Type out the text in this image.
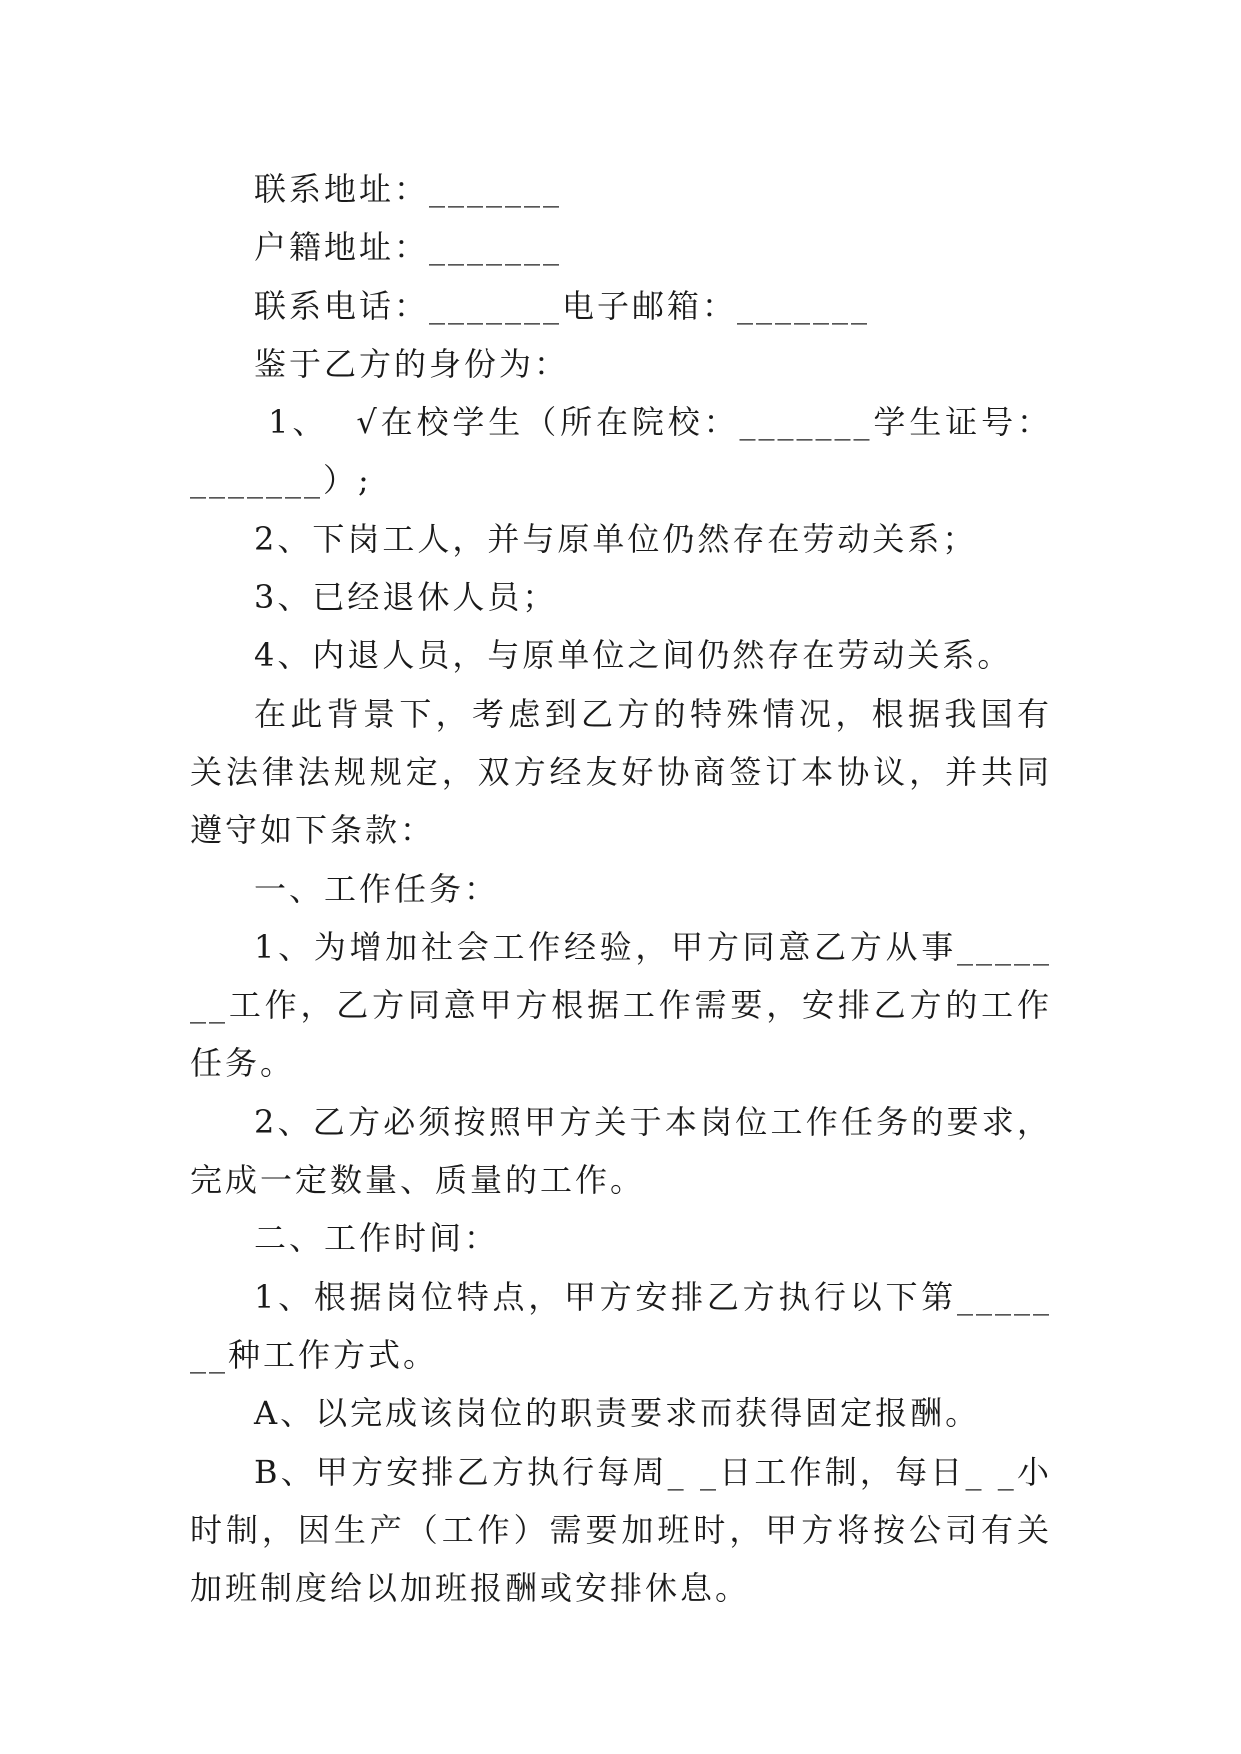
联系地址：_______

户籍地址：_______

联系电话：_______电子邮箱：_______

鉴于乙方的身份为：

1、  √在校学生（所在院校：_______学生证号：_______）;

2、下岗工人，并与原单位仍然存在劳动关系；

3、已经退休人员；

4、内退人员，与原单位之间仍然存在劳动关系。

在此背景下，考虑到乙方的特殊情况，根据我国有关法律法规规定，双方经友好协商签订本协议，并共同遵守如下条款：

一、工作任务：

1、为增加社会工作经验，甲方同意乙方从事_______工作，乙方同意甲方根据工作需要，安排乙方的工作任务。

2、乙方必须按照甲方关于本岗位工作任务的要求，完成一定数量、质量的工作。

二、工作时间：

1、根据岗位特点，甲方安排乙方执行以下第_______种工作方式。

A、以完成该岗位的职责要求而获得固定报酬。

B、甲方安排乙方执行每周_ _日工作制，每日_ _小时制，因生产（工作）需要加班时，甲方将按公司有关加班制度给以加班报酬或安排休息。
